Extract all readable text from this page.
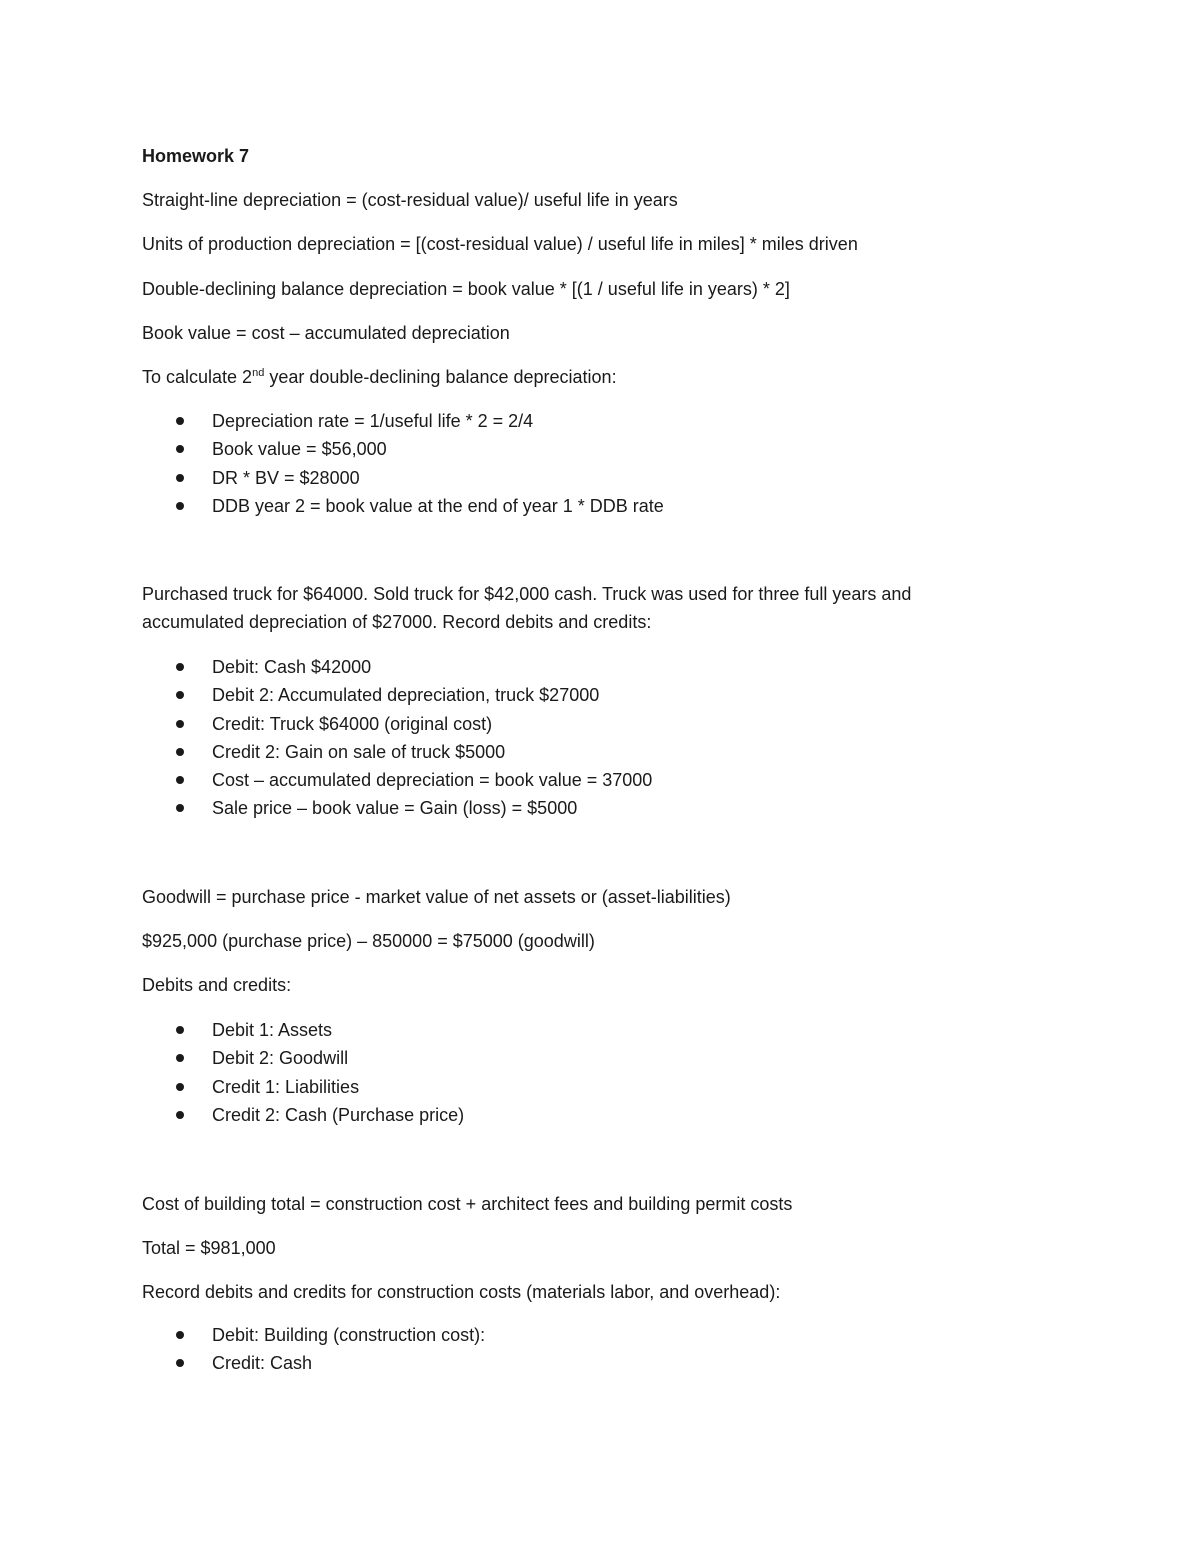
Homework 7

Straight-line depreciation = (cost-residual value)/ useful life in years

Units of production depreciation = [(cost-residual value) / useful life in miles] * miles driven

Double-declining balance depreciation = book value * [(1 / useful life in years) * 2]

Book value = cost – accumulated depreciation

To calculate 2nd year double-declining balance depreciation:

Depreciation rate = 1/useful life * 2 = 2/4
Book value = $56,000
DR * BV = $28000
DDB year 2 = book value at the end of year 1 * DDB rate

Purchased truck for $64000. Sold truck for $42,000 cash. Truck was used for three full years and

accumulated depreciation of $27000. Record debits and credits:

Debit: Cash $42000
Debit 2: Accumulated depreciation, truck $27000
Credit: Truck $64000 (original cost)
Credit 2: Gain on sale of truck $5000
Cost – accumulated depreciation = book value = 37000
Sale price – book value = Gain (loss) = $5000

Goodwill = purchase price - market value of net assets or (asset-liabilities)

$925,000 (purchase price) – 850000 = $75000 (goodwill)

Debits and credits:

Debit 1: Assets
Debit 2: Goodwill
Credit 1: Liabilities
Credit 2: Cash (Purchase price)

Cost of building total = construction cost + architect fees and building permit costs

Total = $981,000

Record debits and credits for construction costs (materials labor, and overhead):

Debit: Building (construction cost):
Credit: Cash
